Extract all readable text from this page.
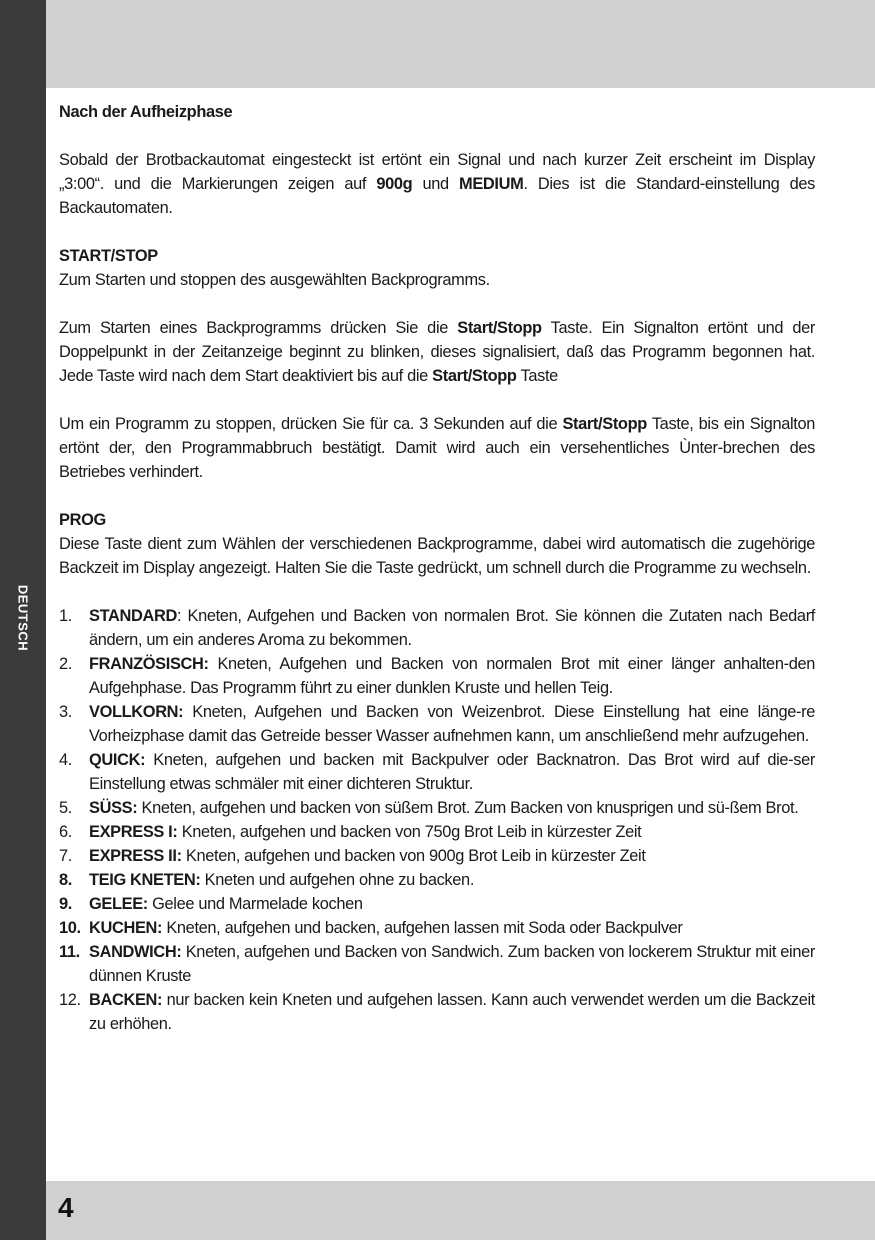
DEUTSCH

Nach der Aufheizphase

Sobald der Brotbackautomat eingesteckt ist ertönt ein Signal und nach kurzer Zeit erscheint im Display „3:00“. und die Markierungen zeigen auf 900g und MEDIUM. Dies ist die Standard-einstellung des Backautomaten.

START/STOP

Zum Starten und stoppen des ausgewählten Backprogramms.

Zum Starten eines Backprogramms drücken Sie die Start/Stopp Taste. Ein Signalton ertönt und der Doppelpunkt in der Zeitanzeige beginnt zu blinken, dieses signalisiert, daß das Programm begonnen hat. Jede Taste wird nach dem Start deaktiviert bis auf die Start/Stopp Taste

Um ein Programm zu stoppen, drücken Sie für ca. 3 Sekunden auf die Start/Stopp Taste, bis ein Signalton ertönt der, den Programmabbruch bestätigt. Damit wird auch ein versehentliches Ùnter-brechen des Betriebes verhindert.

PROG

Diese Taste dient zum Wählen der verschiedenen Backprogramme, dabei wird automatisch die zugehörige Backzeit im Display angezeigt. Halten Sie die Taste gedrückt, um schnell durch die Programme zu wechseln.

1. STANDARD: Kneten, Aufgehen und Backen von normalen Brot. Sie können die Zutaten nach Bedarf ändern, um ein anderes Aroma zu bekommen.
2. FRANZÖSISCH: Kneten, Aufgehen und Backen von normalen Brot mit einer länger anhalten-den Aufgehphase. Das Programm führt zu einer dunklen Kruste und hellen Teig.
3. VOLLKORN: Kneten, Aufgehen und Backen von Weizenbrot. Diese Einstellung hat eine länge-re Vorheizphase damit das Getreide besser Wasser aufnehmen kann, um anschließend mehr aufzugehen.
4. QUICK: Kneten, aufgehen und backen mit Backpulver oder Backnatron. Das Brot wird auf die-ser Einstellung etwas schmäler mit einer dichteren Struktur.
5. SÜSS: Kneten, aufgehen und backen von süßem Brot. Zum Backen von knusprigen und sü-ßem Brot.
6. EXPRESS I: Kneten, aufgehen und backen von 750g Brot Leib in kürzester Zeit
7. EXPRESS II: Kneten, aufgehen und backen von 900g Brot Leib in kürzester Zeit
8. TEIG KNETEN: Kneten und aufgehen ohne zu backen.
9. GELEE: Gelee und Marmelade kochen
10. KUCHEN: Kneten, aufgehen und backen, aufgehen lassen mit Soda oder Backpulver
11. SANDWICH: Kneten, aufgehen und Backen von Sandwich. Zum backen von lockerem Struktur mit einer dünnen Kruste
12. BACKEN: nur backen kein Kneten und aufgehen lassen. Kann auch verwendet werden um die Backzeit zu erhöhen.
4
